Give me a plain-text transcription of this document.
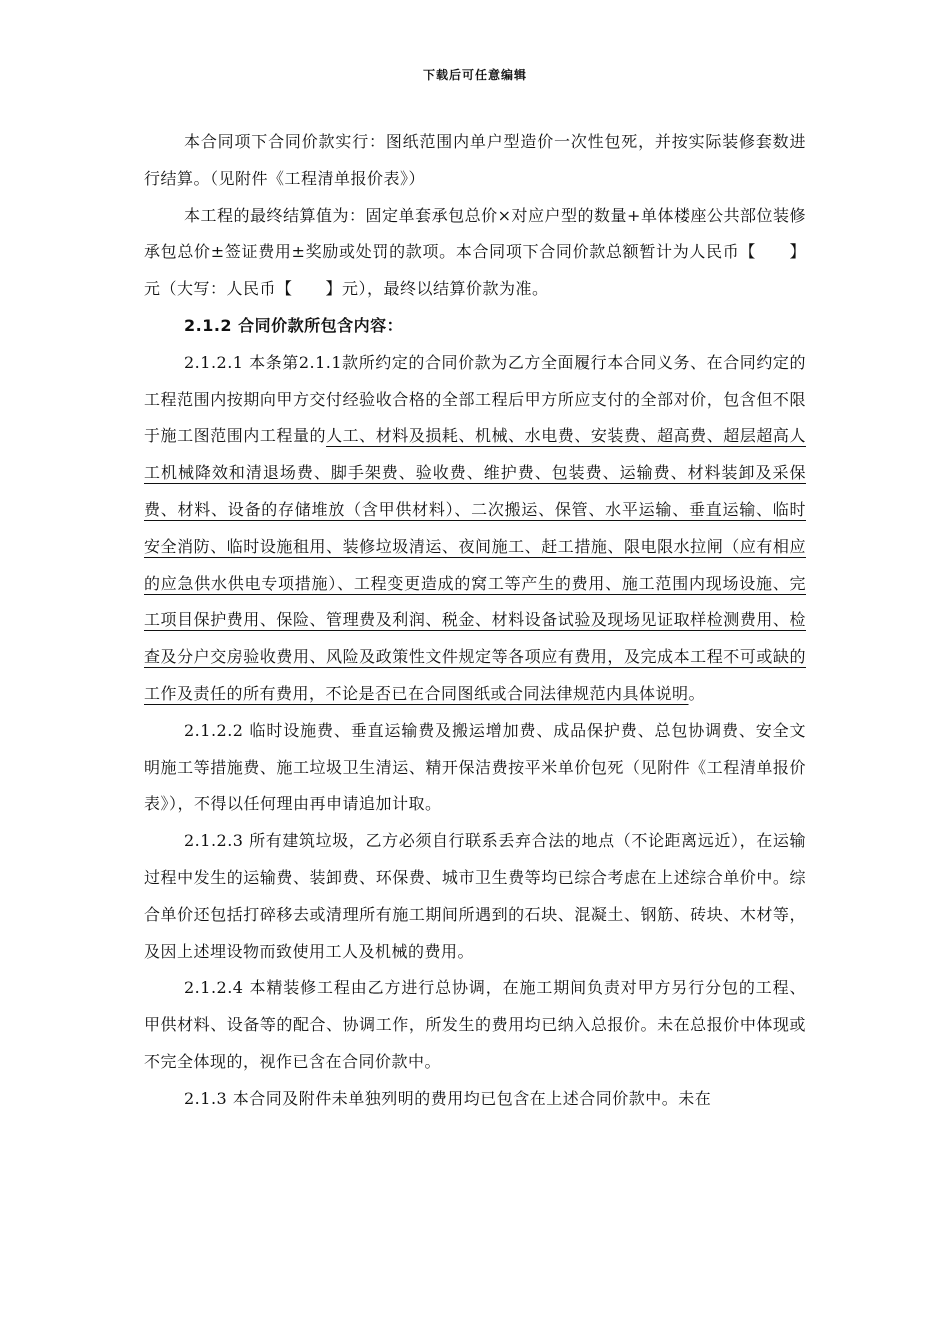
下载后可任意编辑

本合同项下合同价款实行：图纸范围内单户型造价一次性包死，并按实际装修套数进行结算。（见附件《工程清单报价表》）

本工程的最终结算值为：固定单套承包总价×对应户型的数量+单体楼座公共部位装修承包总价±签证费用±奖励或处罚的款项。本合同项下合同价款总额暂计为人民币【　　】元（大写：人民币【　　】元），最终以结算价款为准。

2.1.2 合同价款所包含内容：

2.1.2.1 本条第2.1.1款所约定的合同价款为乙方全面履行本合同义务、在合同约定的工程范围内按期向甲方交付经验收合格的全部工程后甲方所应支付的全部对价，包含但不限于施工图范围内工程量的人工、材料及损耗、机械、水电费、安装费、超高费、超层超高人工机械降效和清退场费、脚手架费、验收费、维护费、包装费、运输费、材料装卸及采保费、材料、设备的存储堆放（含甲供材料）、二次搬运、保管、水平运输、垂直运输、临时安全消防、临时设施租用、装修垃圾清运、夜间施工、赶工措施、限电限水拉闸（应有相应的应急供水供电专项措施）、工程变更造成的窝工等产生的费用、施工范围内现场设施、完工项目保护费用、保险、管理费及利润、税金、材料设备试验及现场见证取样检测费用、检查及分户交房验收费用、风险及政策性文件规定等各项应有费用，及完成本工程不可或缺的工作及责任的所有费用，不论是否已在合同图纸或合同法律规范内具体说明。

2.1.2.2 临时设施费、垂直运输费及搬运增加费、成品保护费、总包协调费、安全文明施工等措施费、施工垃圾卫生清运、精开保洁费按平米单价包死（见附件《工程清单报价表》），不得以任何理由再申请追加计取。

2.1.2.3 所有建筑垃圾，乙方必须自行联系丢弃合法的地点（不论距离远近），在运输过程中发生的运输费、装卸费、环保费、城市卫生费等均已综合考虑在上述综合单价中。综合单价还包括打碎移去或清理所有施工期间所遇到的石块、混凝土、钢筋、砖块、木材等，及因上述埋设物而致使用工人及机械的费用。

2.1.2.4 本精装修工程由乙方进行总协调，在施工期间负责对甲方另行分包的工程、甲供材料、设备等的配合、协调工作，所发生的费用均已纳入总报价。未在总报价中体现或不完全体现的，视作已含在合同价款中。

2.1.3 本合同及附件未单独列明的费用均已包含在上述合同价款中。未在
